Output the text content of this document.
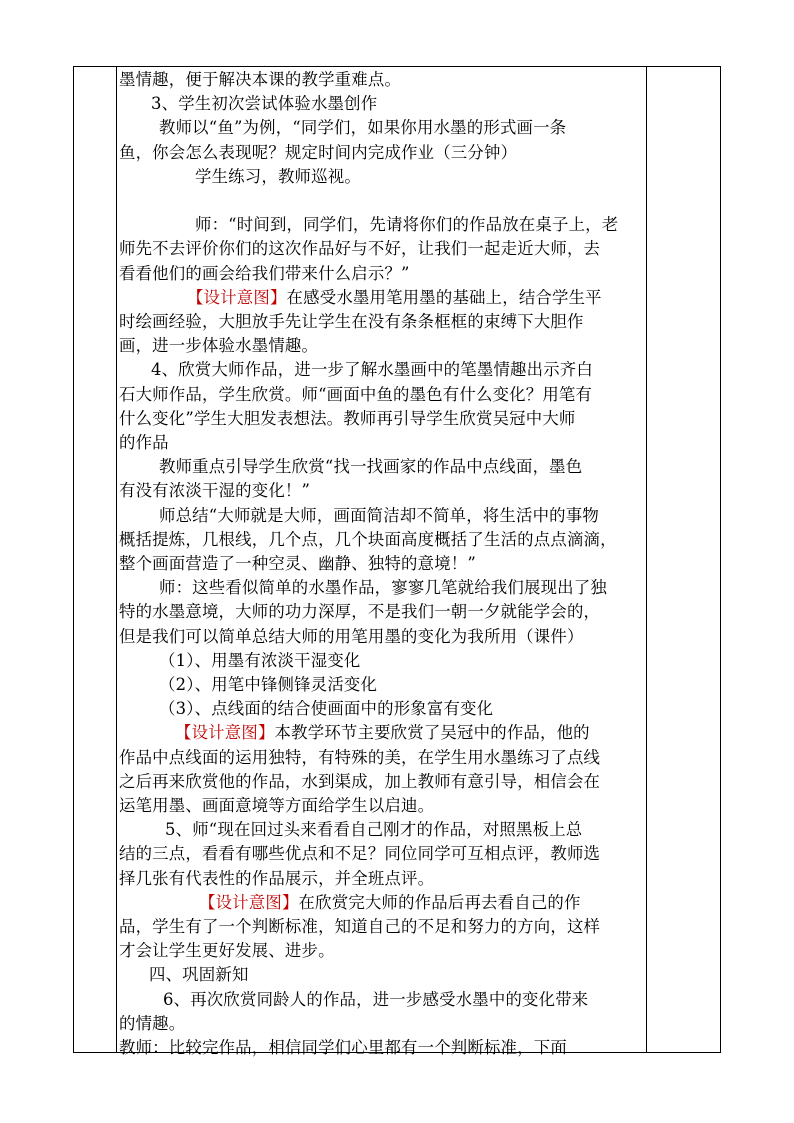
墨情趣，便于解决本课的教学重难点。
3、学生初次尝试体验水墨创作
教师以“鱼”为例，“同学们，如果你用水墨的形式画一条
鱼，你会怎么表现呢？规定时间内完成作业（三分钟）
学生练习，教师巡视。
师：“时间到，同学们，先请将你们的作品放在桌子上，老
师先不去评价你们的这次作品好与不好，让我们一起走近大师，去
看看他们的画会给我们带来什么启示？”
【设计意图】在感受水墨用笔用墨的基础上，结合学生平
时绘画经验，大胆放手先让学生在没有条条框框的束缚下大胆作
画，进一步体验水墨情趣。
4、欣赏大师作品，进一步了解水墨画中的笔墨情趣出示齐白
石大师作品，学生欣赏。师“画面中鱼的墨色有什么变化？用笔有
什么变化”学生大胆发表想法。教师再引导学生欣赏吴冠中大师
的作品
教师重点引导学生欣赏“找一找画家的作品中点线面，墨色
有没有浓淡干湿的变化！”
师总结“大师就是大师，画面简洁却不简单，将生活中的事物
概括提炼，几根线，几个点，几个块面高度概括了生活的点点滴滴，
整个画面营造了一种空灵、幽静、独特的意境！”
师：这些看似简单的水墨作品，寥寥几笔就给我们展现出了独
特的水墨意境，大师的功力深厚，不是我们一朝一夕就能学会的，
但是我们可以简单总结大师的用笔用墨的变化为我所用（课件）
（1）、用墨有浓淡干湿变化
（2）、用笔中锋侧锋灵活变化
（3）、点线面的结合使画面中的形象富有变化
【设计意图】本教学环节主要欣赏了吴冠中的作品，他的
作品中点线面的运用独特，有特殊的美，在学生用水墨练习了点线
之后再来欣赏他的作品，水到渠成，加上教师有意引导，相信会在
运笔用墨、画面意境等方面给学生以启迪。
5、师“现在回过头来看看自己刚才的作品，对照黑板上总
结的三点，看看有哪些优点和不足？同位同学可互相点评，教师选
择几张有代表性的作品展示，并全班点评。
【设计意图】在欣赏完大师的作品后再去看自己的作
品，学生有了一个判断标准，知道自己的不足和努力的方向，这样
才会让学生更好发展、进步。
四、巩固新知
6、再次欣赏同龄人的作品，进一步感受水墨中的变化带来
的情趣。
教师：比较完作品，相信同学们心里都有一个判断标准，下面
